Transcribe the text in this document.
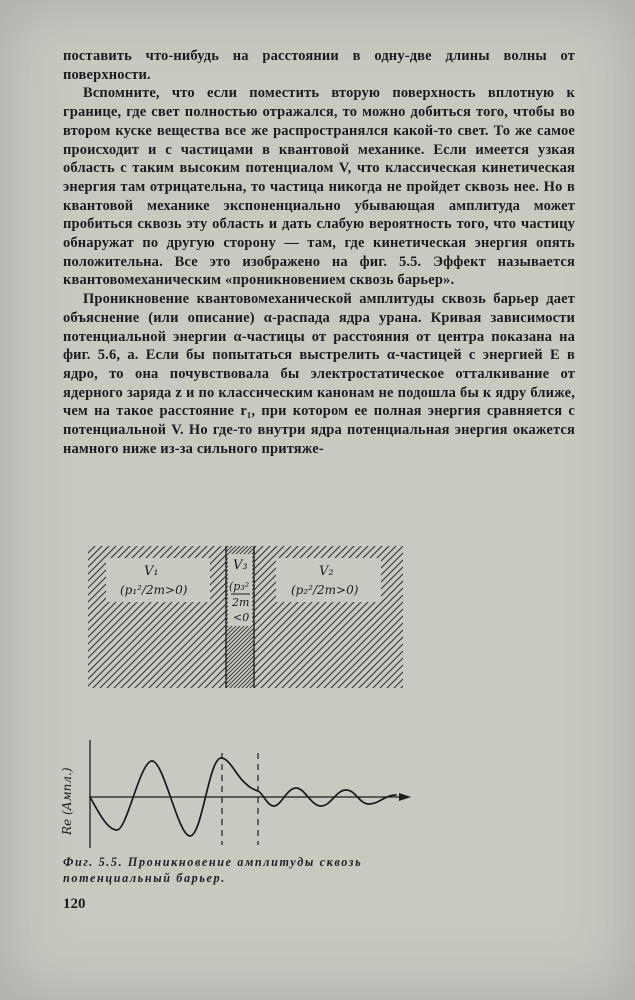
поставить что-нибудь на расстоянии в одну-две длины волны от поверхности.

Вспомните, что если поместить вторую поверхность вплотную к границе, где свет полностью отражался, то можно добиться того, чтобы во втором куске вещества все же распространялся какой-то свет. То же самое происходит и с частицами в квантовой механике. Если имеется узкая область с таким высоким потенциалом V, что классическая кинетическая энергия там отрицательна, то частица никогда не пройдет сквозь нее. Но в квантовой механике экспоненциально убывающая амплитуда может пробиться сквозь эту область и дать слабую вероятность того, что частицу обнаружат по другую сторону — там, где кинетическая энергия опять положительна. Все это изображено на фиг. 5.5. Эффект называется квантовомеханическим «проникновением сквозь барьер».

Проникновение квантовомеханической амплитуды сквозь барьер дает объяснение (или описание) α-распада ядра урана. Кривая зависимости потенциальной энергии α-частицы от расстояния от центра показана на фиг. 5.6, а. Если бы попытаться выстрелить α-частицей с энергией E в ядро, то она почувствовала бы электростатическое отталкивание от ядерного заряда z и по классическим канонам не подошла бы к ядру ближе, чем на такое расстояние r₁, при котором ее полная энергия сравняется с потенциальной V. Но где-то внутри ядра потенциальная энергия окажется намного ниже из-за сильного притяже-

V₁
(p₁²/2m>0)
V₃
(p₃²
2m
<0
V₂
(p₂²/2m>0)
Re (Ампл.)
Фиг. 5.5. Проникновение амплитуды сквозь
потенциальный барьер.
120
